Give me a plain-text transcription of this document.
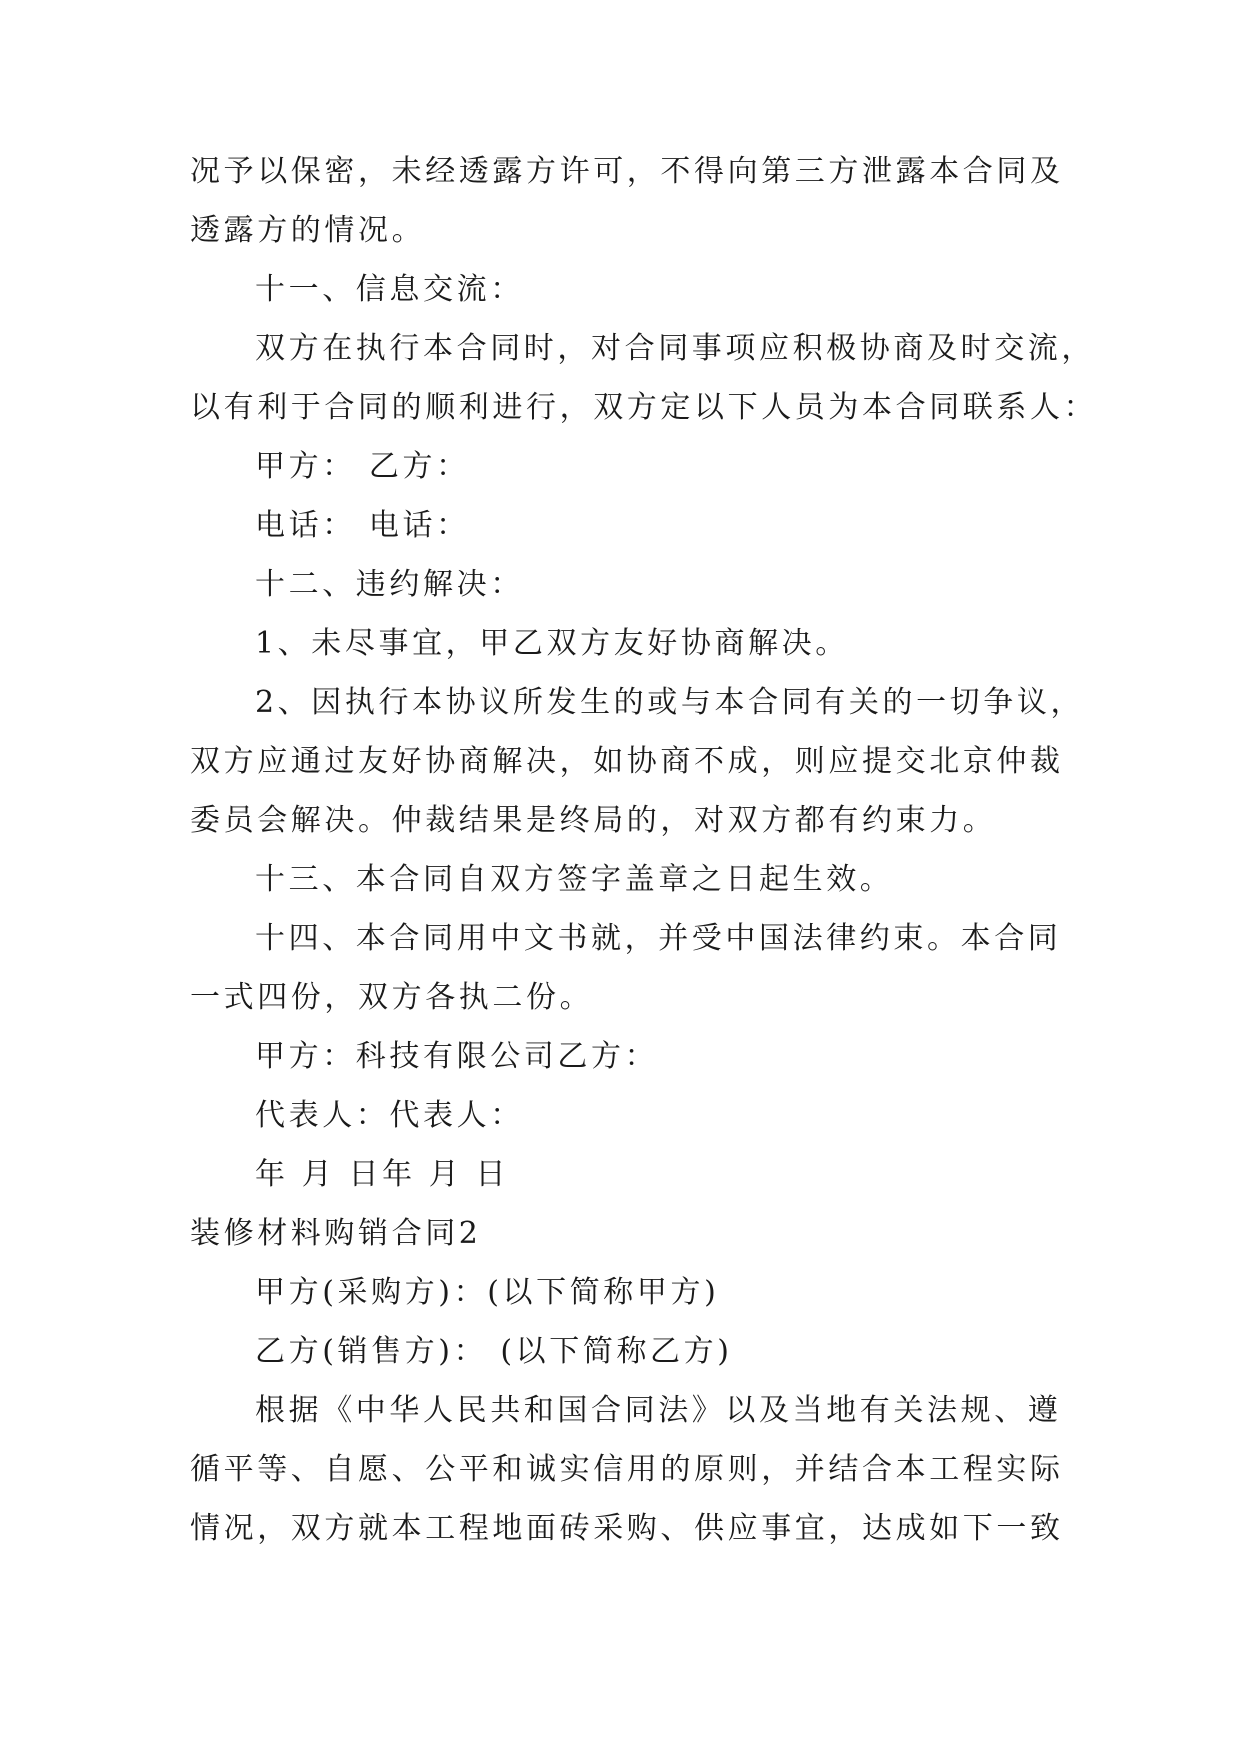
况予以保密，未经透露方许可，不得向第三方泄露本合同及
透露方的情况。
十一、信息交流：
双方在执行本合同时，对合同事项应积极协商及时交流，
以有利于合同的顺利进行，双方定以下人员为本合同联系人：
甲方： 乙方：
电话： 电话：
十二、违约解决：
1、未尽事宜，甲乙双方友好协商解决。
2、因执行本协议所发生的或与本合同有关的一切争议，
双方应通过友好协商解决，如协商不成，则应提交北京仲裁
委员会解决。仲裁结果是终局的，对双方都有约束力。
十三、本合同自双方签字盖章之日起生效。
十四、本合同用中文书就，并受中国法律约束。本合同
一式四份，双方各执二份。
甲方：科技有限公司乙方：
代表人：代表人：
年 月 日年 月 日
装修材料购销合同2
甲方(采购方)：(以下简称甲方)
乙方(销售方)： (以下简称乙方)
根据《中华人民共和国合同法》以及当地有关法规、遵
循平等、自愿、公平和诚实信用的原则，并结合本工程实际
情况，双方就本工程地面砖采购、供应事宜，达成如下一致
